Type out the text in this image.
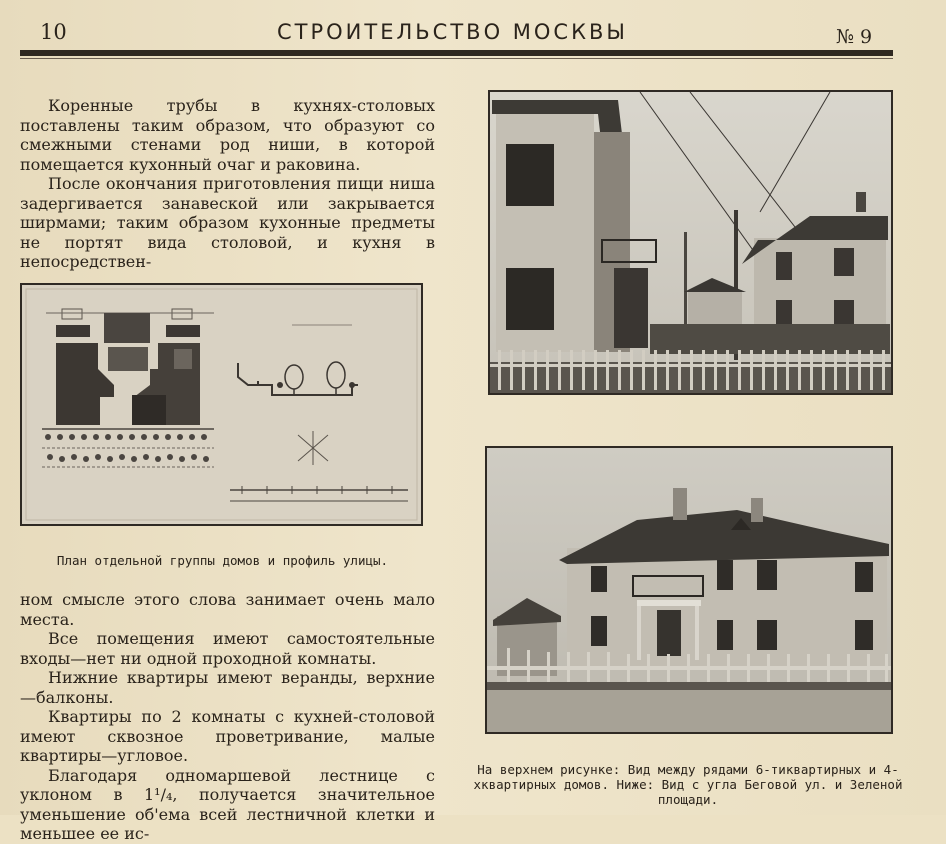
10	СТРОИТЕЛЬСТВО МОСКВЫ	№ 9

Коренные трубы в кухнях-столовых поставлены таким образом, что образуют со смежными стенами род ниши, в которой помещается кухонный очаг и раковина.

После окончания приготовления пищи ниша задергивается занавеской или закрывается ширмами; таким образом кухонные предметы не портят вида столовой, и кухня в непосредствен-

План отдельной группы домов и профиль улицы.

ном смысле этого слова занимает очень мало места.

Все помещения имеют самостоятельные входы—нет ни одной проходной комнаты.

Нижние квартиры имеют веранды, верхние—балконы.

Квартиры по 2 комнаты с кухней-столовой имеют сквозное проветривание, малые квартиры—угловое.

Благодаря одномаршевой лестнице с уклоном в 1¹/₄, получается значительное уменьшение об'ема всей лестничной клетки и меньшее ее ис-

На верхнем рисунке: Вид между рядами 6-тиквартирных и 4-хквартирных домов. Ниже: Вид с угла Беговой ул. и Зеленой площади.
